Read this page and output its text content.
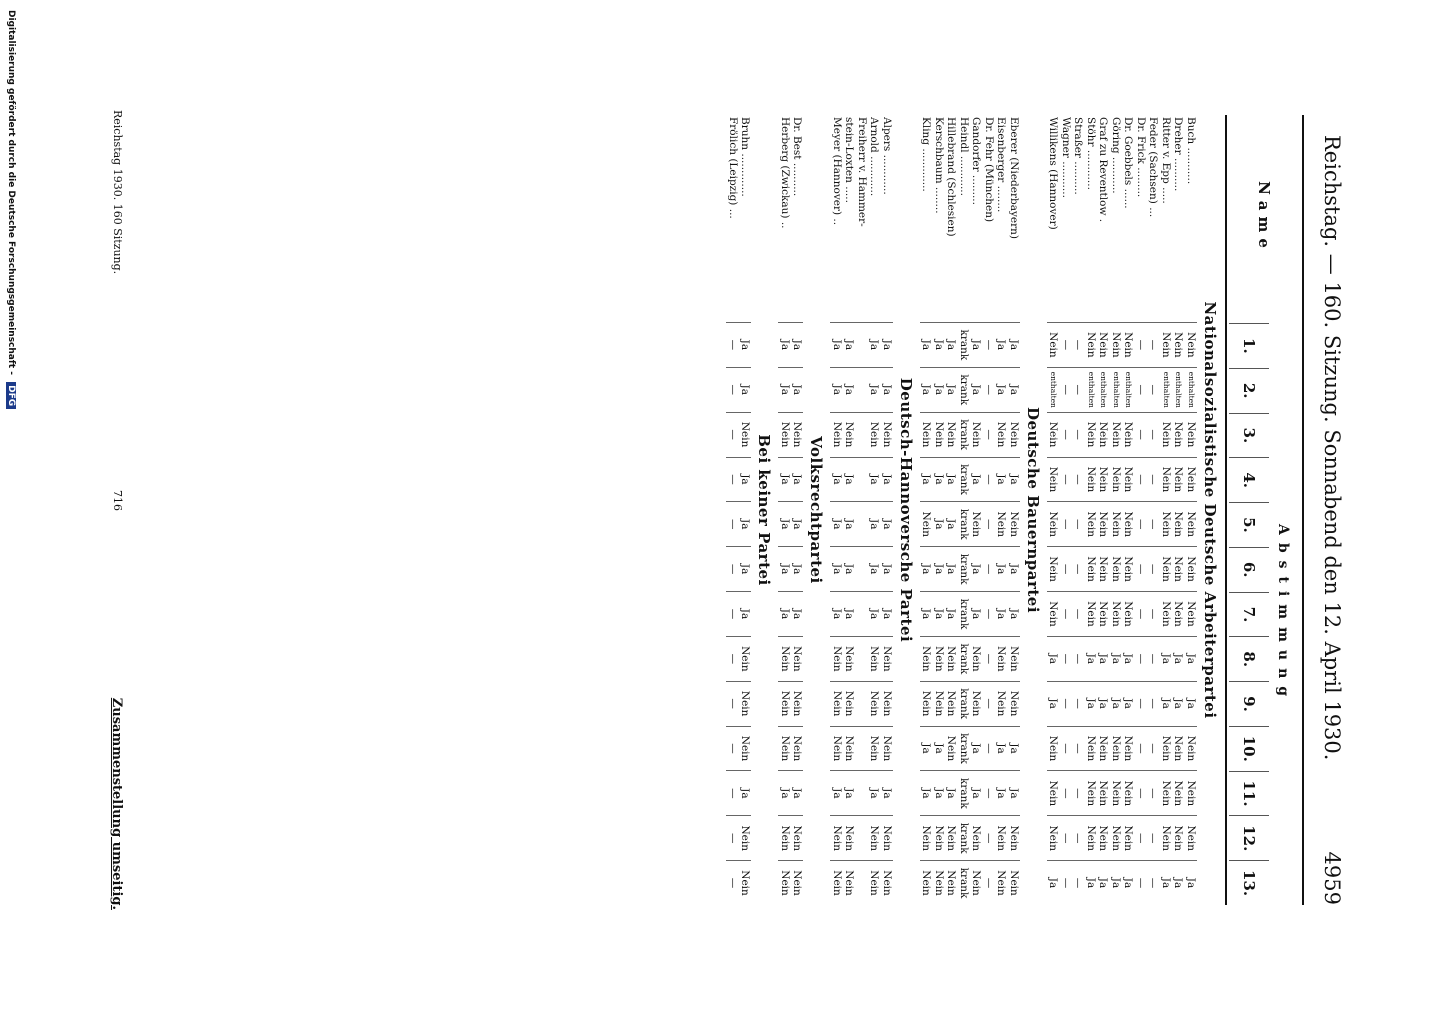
Reichstag. — 160. Sitzung. Sonnabend den 12. April 1930.
4959
Name
Abstimmung
1.
2.
3.
4.
5.
6.
7.
8.
9.
10.
11.
12.
13.
Nationalsozialistische Deutsche Arbeiterpartei
Buch ...........
Nein
enthalten
Nein
Nein
Nein
Nein
Nein
Ja
Ja
Nein
Nein
Nein
Ja
Dreher ..........
Nein
enthalten
Nein
Nein
Nein
Nein
Nein
Ja
Ja
Nein
Nein
Nein
Ja
Ritter v. Epp .....
Nein
enthalten
Nein
Nein
Nein
Nein
Nein
Ja
Ja
Nein
Nein
Nein
Ja
Feder (Sachsen) ...
—
—
—
—
—
—
—
—
—
—
—
—
—
Dr. Frick .........
—
—
—
—
—
—
—
—
—
—
—
—
—
Dr. Goebbels ......
Nein
enthalten
Nein
Nein
Nein
Nein
Nein
Ja
Ja
Nein
Nein
Nein
Ja
Göring ...........
Nein
enthalten
Nein
Nein
Nein
Nein
Nein
Ja
Ja
Nein
Nein
Nein
Ja
Graf zu Reventlow .
Nein
enthalten
Nein
Nein
Nein
Nein
Nein
Ja
Ja
Nein
Nein
Nein
Ja
Stöhr ............
Nein
enthalten
Nein
Nein
Nein
Nein
Nein
Ja
Ja
Nein
Nein
Nein
Ja
Straßer ..........
—
—
—
—
—
—
—
—
—
—
—
—
—
Wagner ...........
—
—
—
—
—
—
—
—
—
—
—
—
—
Willikens (Hannover)
Nein
enthalten
Nein
Nein
Nein
Nein
Nein
Ja
Ja
Nein
Nein
Nein
Ja
Deutsche Bauernpartei
Eberer (Niederbayern)
Ja
Ja
Nein
Ja
Nein
Ja
Ja
Nein
Nein
Ja
Ja
Nein
Nein
Eisenberger ........
Ja
Ja
Nein
Ja
Nein
Ja
Ja
Nein
Nein
Ja
Ja
Nein
Nein
Dr. Fehr (München)
—
—
—
—
—
—
—
—
—
—
—
—
—
Gandorfer .........
Ja
Ja
Nein
Ja
Nein
Ja
Ja
Nein
Nein
Ja
Ja
Nein
Nein
Heindl ............
krank
krank
krank
krank
krank
krank
krank
krank
krank
krank
krank
krank
krank
Hillebrand (Schlesien)
Ja
Ja
Nein
Ja
Ja
Ja
Ja
Nein
Nein
Nein
Ja
Nein
Nein
Kerschbaum ........
Ja
Ja
Nein
Ja
Ja
Ja
Ja
Nein
Nein
Ja
Ja
Nein
Nein
Kling .............
Ja
Ja
Nein
Ja
Nein
Ja
Ja
Nein
Nein
Ja
Ja
Nein
Nein
Deutsch-Hannoversche Partei
Alpers ............
Ja
Ja
Nein
Ja
Ja
Ja
Ja
Nein
Nein
Nein
Ja
Nein
Nein
Arnold ............
Ja
Ja
Nein
Ja
Ja
Ja
Ja
Nein
Nein
Nein
Ja
Nein
Nein
Freiherr v. Hammer-
stein-Loxten .....
Ja
Ja
Nein
Ja
Ja
Ja
Ja
Nein
Nein
Nein
Ja
Nein
Nein
Meyer (Hannover) ..
Ja
Ja
Nein
Ja
Ja
Ja
Ja
Nein
Nein
Nein
Ja
Nein
Nein
Volksrechtpartei
Dr. Best ..........
Ja
Ja
Nein
Ja
Ja
Ja
Ja
Nein
Nein
Nein
Ja
Nein
Nein
Herberg (Zwickau) ..
Ja
Ja
Nein
Ja
Ja
Ja
Ja
Nein
Nein
Nein
Ja
Nein
Nein
Bei keiner Partei
Bruhn .............
Ja
Ja
Nein
Ja
Ja
Ja
Ja
Nein
Nein
Nein
Ja
Nein
Nein
Frölich (Leipzig) ...
—
—
—
—
—
—
—
—
—
—
—
—
—
Reichstag 1930. 160 Sitzung.
716
Zusammenstellung umseitig.
Digitalisierung gefördert durch die Deutsche Forschungsgemeinschaft - DFG
